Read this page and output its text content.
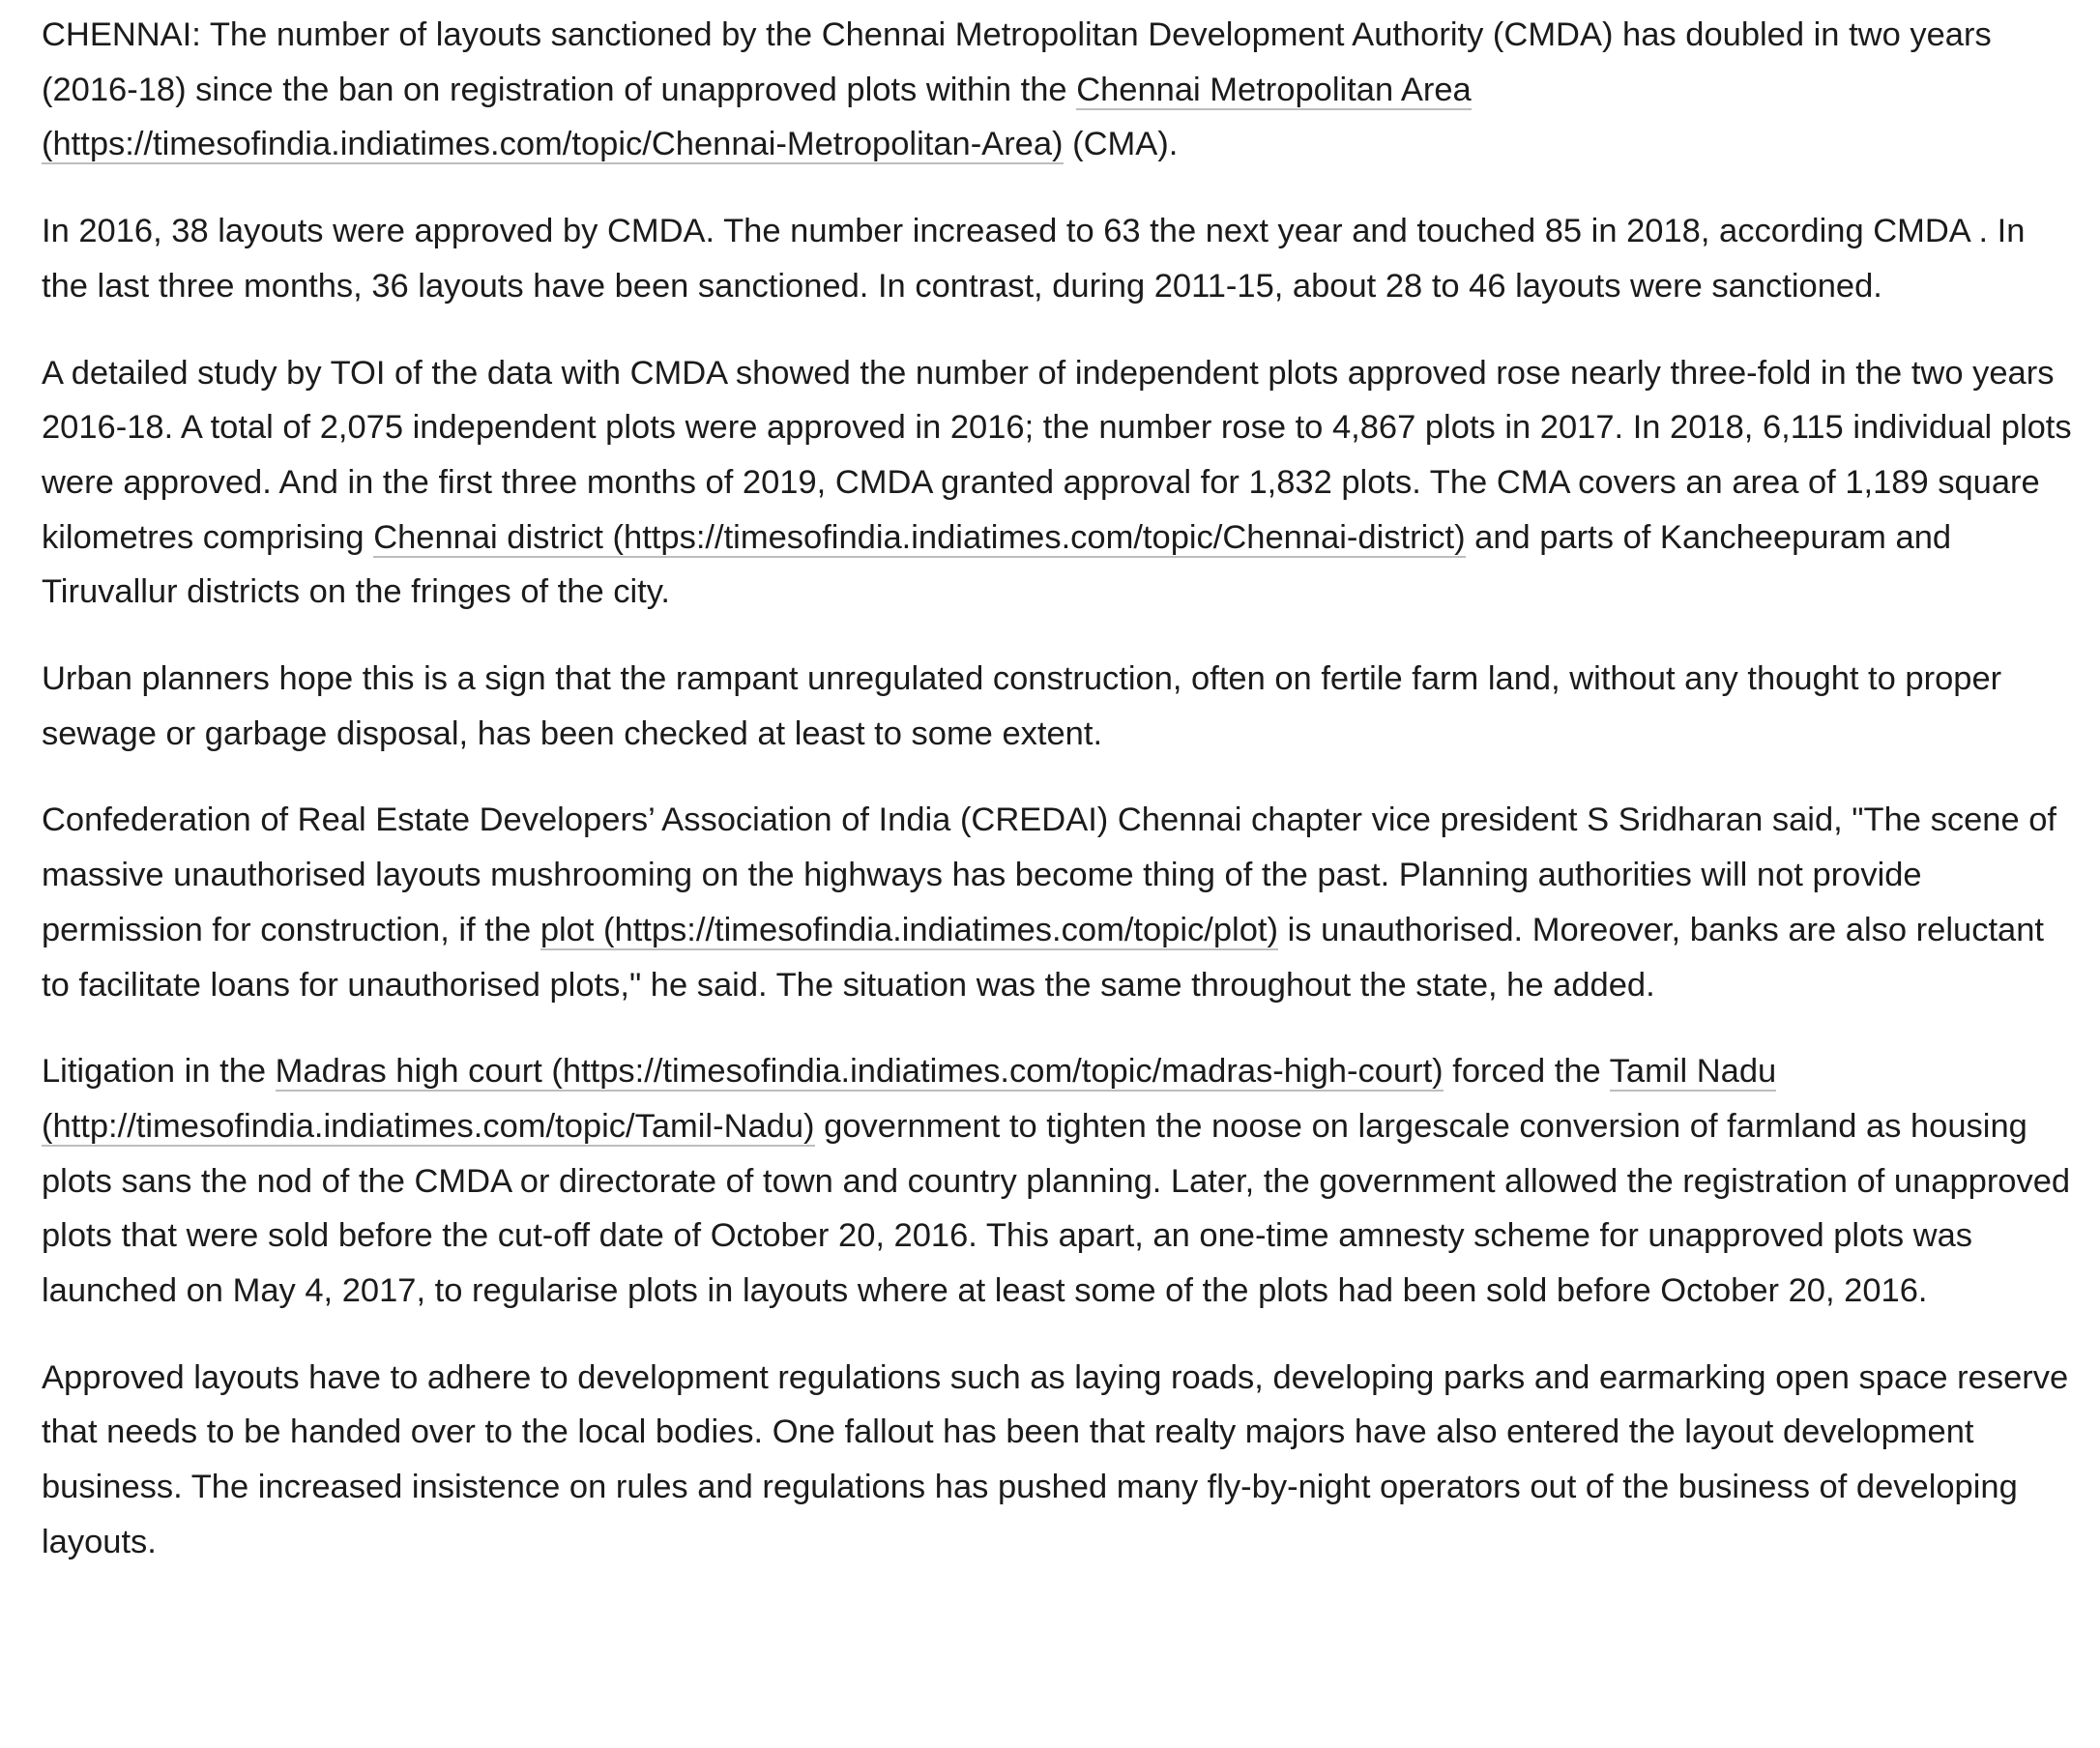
CHENNAI: The number of layouts sanctioned by the Chennai Metropolitan Development Authority (CMDA) has doubled in two years (2016-18) since the ban on registration of unapproved plots within the Chennai Metropolitan Area (https://timesofindia.indiatimes.com/topic/Chennai-Metropolitan-Area) (CMA).

In 2016, 38 layouts were approved by CMDA. The number increased to 63 the next year and touched 85 in 2018, according CMDA . In the last three months, 36 layouts have been sanctioned. In contrast, during 2011-15, about 28 to 46 layouts were sanctioned.

A detailed study by TOI of the data with CMDA showed the number of independent plots approved rose nearly three-fold in the two years 2016-18. A total of 2,075 independent plots were approved in 2016; the number rose to 4,867 plots in 2017. In 2018, 6,115 individual plots were approved. And in the first three months of 2019, CMDA granted approval for 1,832 plots. The CMA covers an area of 1,189 square kilometres comprising Chennai district (https://timesofindia.indiatimes.com/topic/Chennai-district) and parts of Kancheepuram and Tiruvallur districts on the fringes of the city.

Urban planners hope this is a sign that the rampant unregulated construction, often on fertile farm land, without any thought to proper sewage or garbage disposal, has been checked at least to some extent.

Confederation of Real Estate Developers’ Association of India (CREDAI) Chennai chapter vice president S Sridharan said, "The scene of massive unauthorised layouts mushrooming on the highways has become thing of the past. Planning authorities will not provide permission for construction, if the plot (https://timesofindia.indiatimes.com/topic/plot) is unauthorised. Moreover, banks are also reluctant to facilitate loans for unauthorised plots," he said. The situation was the same throughout the state, he added.

Litigation in the Madras high court (https://timesofindia.indiatimes.com/topic/madras-high-court) forced the Tamil Nadu (http://timesofindia.indiatimes.com/topic/Tamil-Nadu) government to tighten the noose on largescale conversion of farmland as housing plots sans the nod of the CMDA or directorate of town and country planning. Later, the government allowed the registration of unapproved plots that were sold before the cut-off date of October 20, 2016. This apart, an one-time amnesty scheme for unapproved plots was launched on May 4, 2017, to regularise plots in layouts where at least some of the plots had been sold before October 20, 2016.

Approved layouts have to adhere to development regulations such as laying roads, developing parks and earmarking open space reserve that needs to be handed over to the local bodies. One fallout has been that realty majors have also entered the layout development business. The increased insistence on rules and regulations has pushed many fly-by-night operators out of the business of developing layouts.
